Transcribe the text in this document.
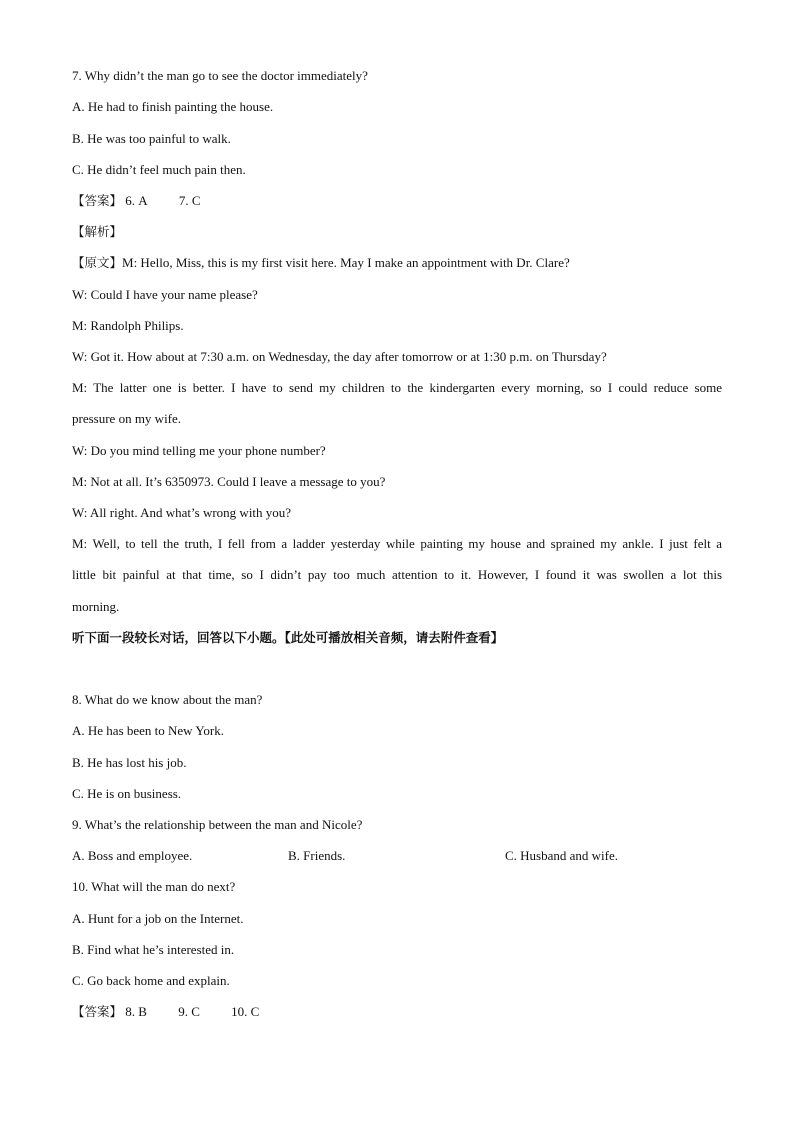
7. Why didn’t the man go to see the doctor immediately?
A. He had to finish painting the house.
B. He was too painful to walk.
C. He didn’t feel much pain then.
【答案】 6. A 7. C
【解析】
【原文】M: Hello, Miss, this is my first visit here. May I make an appointment with Dr. Clare?
W: Could I have your name please?
M: Randolph Philips.
W: Got it. How about at 7:30 a.m. on Wednesday, the day after tomorrow or at 1:30 p.m. on Thursday?
M: The latter one is better. I have to send my children to the kindergarten every morning, so I could reduce some
pressure on my wife.
W: Do you mind telling me your phone number?
M: Not at all. It’s 6350973. Could I leave a message to you?
W: All right. And what’s wrong with you?
M: Well, to tell the truth, I fell from a ladder yesterday while painting my house and sprained my ankle. I just felt a
little bit painful at that time, so I didn’t pay too much attention to it. However, I found it was swollen a lot this
morning.
听下面一段较长对话，回答以下小题。【此处可播放相关音频，请去附件查看】
8. What do we know about the man?
A. He has been to New York.
B. He has lost his job.
C. He is on business.
9. What’s the relationship between the man and Nicole?
A. Boss and employee.	B. Friends.	C. Husband and wife.
10. What will the man do next?
A. Hunt for a job on the Internet.
B. Find what he’s interested in.
C. Go back home and explain.
【答案】 8. B 9. C 10. C
